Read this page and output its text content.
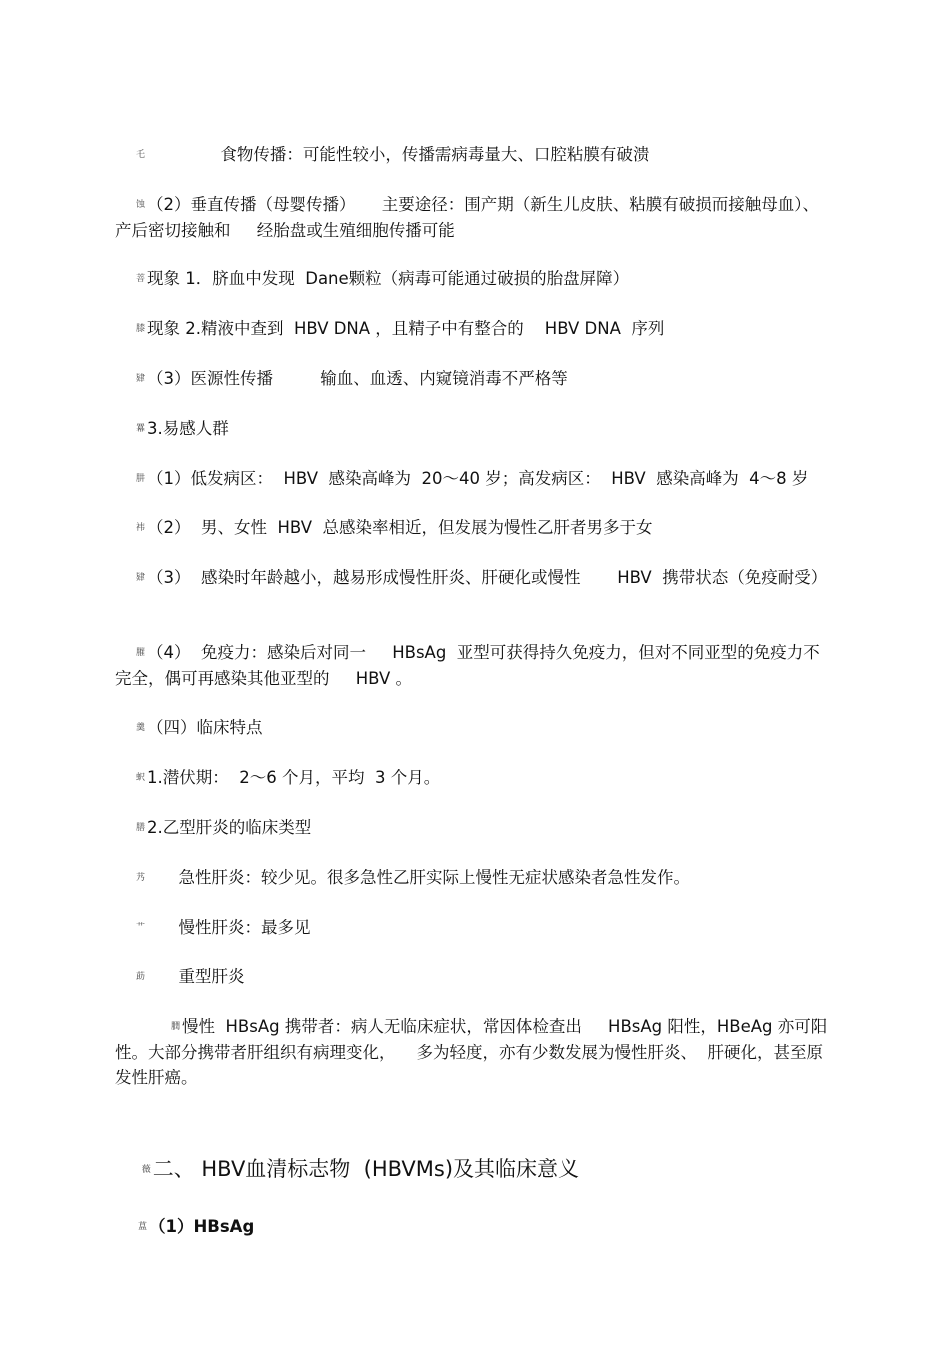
乇              食物传播：可能性较小，传播需病毒量大、口腔粘膜有破溃

蚀 （2）垂直传播（母婴传播）     主要途径：围产期（新生儿皮肤、粘膜有破损而接触母血）、产后密切接触和     经胎盘或生殖细胞传播可能

菩 现象 1．脐血中发现  Dane颗粒（病毒可能通过破损的胎盘屏障）

膝 现象 2.精液中查到  HBV DNA ，且精子中有整合的    HBV DNA  序列

肄 （3）医源性传播         输血、血透、内窥镜消毒不严格等

羃 3.易感人群

肼 （1）低发病区：  HBV  感染高峰为  20～40 岁；高发病区：  HBV  感染高峰为  4～8 岁

袆 （2）  男、女性  HBV  总感染率相近，但发展为慢性乙肝者男多于女

肄 （3）  感染时年龄越小，越易形成慢性肝炎、肝硬化或慢性       HBV  携带状态（免疫耐受）

膗 （4）  免疫力：感染后对同一     HBsAg  亚型可获得持久免疫力，但对不同亚型的免疫力不完全，偶可再感染其他亚型的     HBV 。

羹 （四）临床特点

蚇 1.潜伏期：  2～6 个月，平均  3 个月。

膳 2.乙型肝炎的临床类型

艿      急性肝炎：较少见。很多急性乙肝实际上慢性无症状感染者急性发作。

艹      慢性肝炎：最多见

莇      重型肝炎

膶 慢性  HBsAg 携带者：病人无临床症状，常因体检查出     HBsAg 阳性，HBeAg 亦可阳性。大部分携带者肝组织有病理变化，    多为轻度，亦有少数发展为慢性肝炎、  肝硬化，甚至原发性肝癌。

薇二、 HBV血清标志物  (HBVMs)及其临床意义

蒀 （1）HBsAg
